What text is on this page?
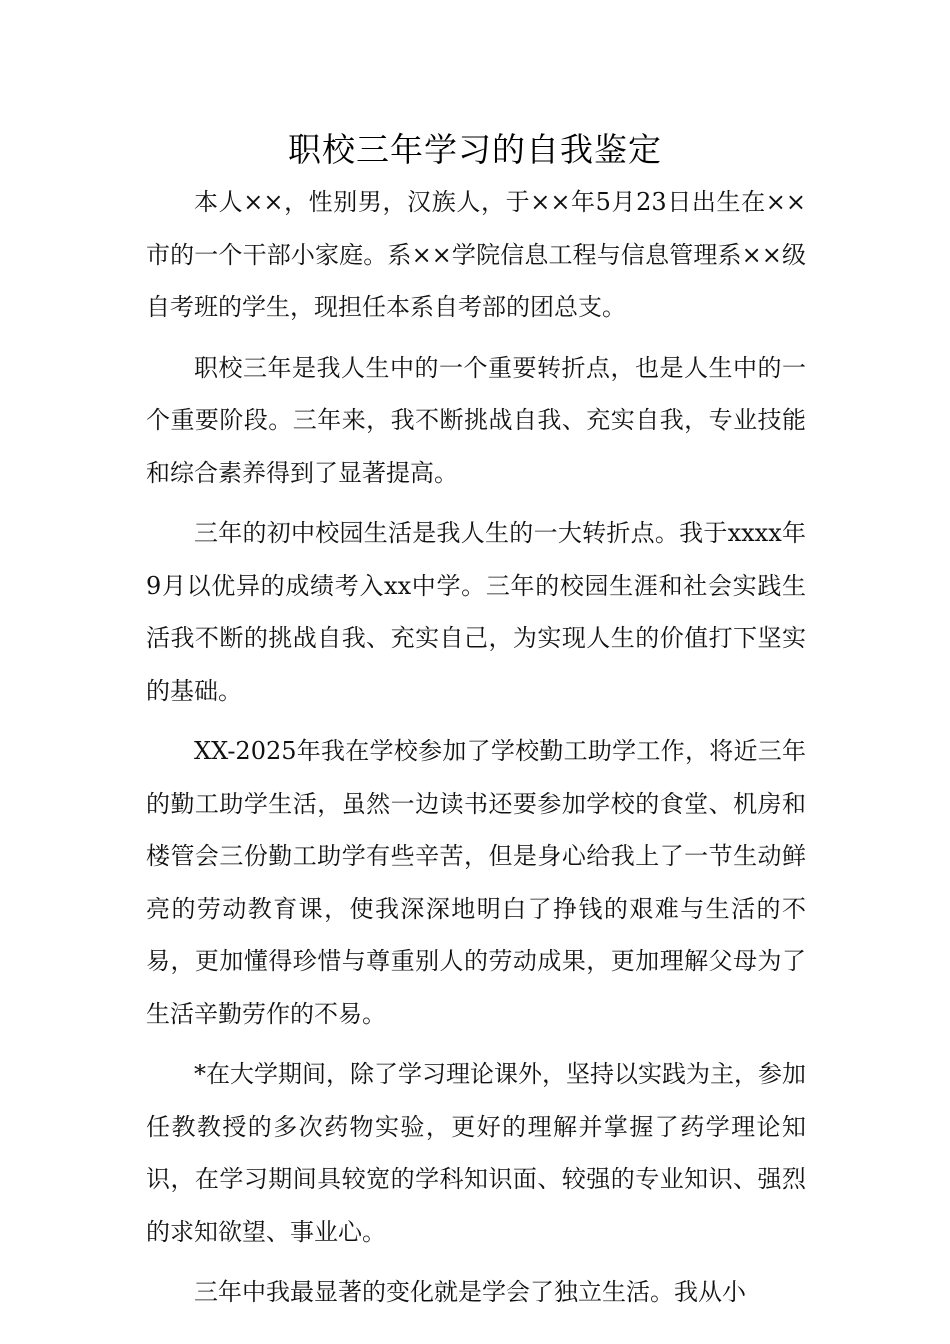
职校三年学习的自我鉴定

本人××，性别男，汉族人，于××年5月23日出生在××市的一个干部小家庭。系××学院信息工程与信息管理系××级自考班的学生，现担任本系自考部的团总支。

职校三年是我人生中的一个重要转折点，也是人生中的一个重要阶段。三年来，我不断挑战自我、充实自我，专业技能和综合素养得到了显著提高。

三年的初中校园生活是我人生的一大转折点。我于xxxx年9月以优异的成绩考入xx中学。三年的校园生涯和社会实践生活我不断的挑战自我、充实自己，为实现人生的价值打下坚实的基础。

XX-2025年我在学校参加了学校勤工助学工作，将近三年的勤工助学生活，虽然一边读书还要参加学校的食堂、机房和楼管会三份勤工助学有些辛苦，但是身心给我上了一节生动鲜亮的劳动教育课，使我深深地明白了挣钱的艰难与生活的不易，更加懂得珍惜与尊重别人的劳动成果，更加理解父母为了生活辛勤劳作的不易。

*在大学期间，除了学习理论课外，坚持以实践为主，参加任教教授的多次药物实验，更好的理解并掌握了药学理论知识，在学习期间具较宽的学科知识面、较强的专业知识、强烈的求知欲望、事业心。

三年中我最显著的变化就是学会了独立生活。我从小
